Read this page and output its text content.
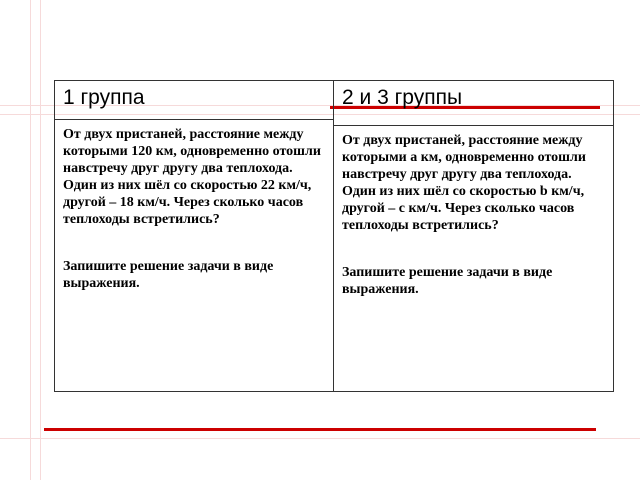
1 группа

От двух пристаней, расстояние между которыми 120 км, одновременно отошли навстречу друг другу два теплохода. Один из них шёл со скоростью 22 км/ч, другой – 18 км/ч. Через сколько часов теплоходы встретились?

Запишите решение задачи в виде выражения.

2 и 3 группы

От двух пристаней, расстояние между которыми а км, одновременно отошли навстречу друг другу два теплохода. Один из них шёл со скоростью b км/ч, другой – с км/ч. Через сколько часов теплоходы встретились?

Запишите решение задачи в виде выражения.
